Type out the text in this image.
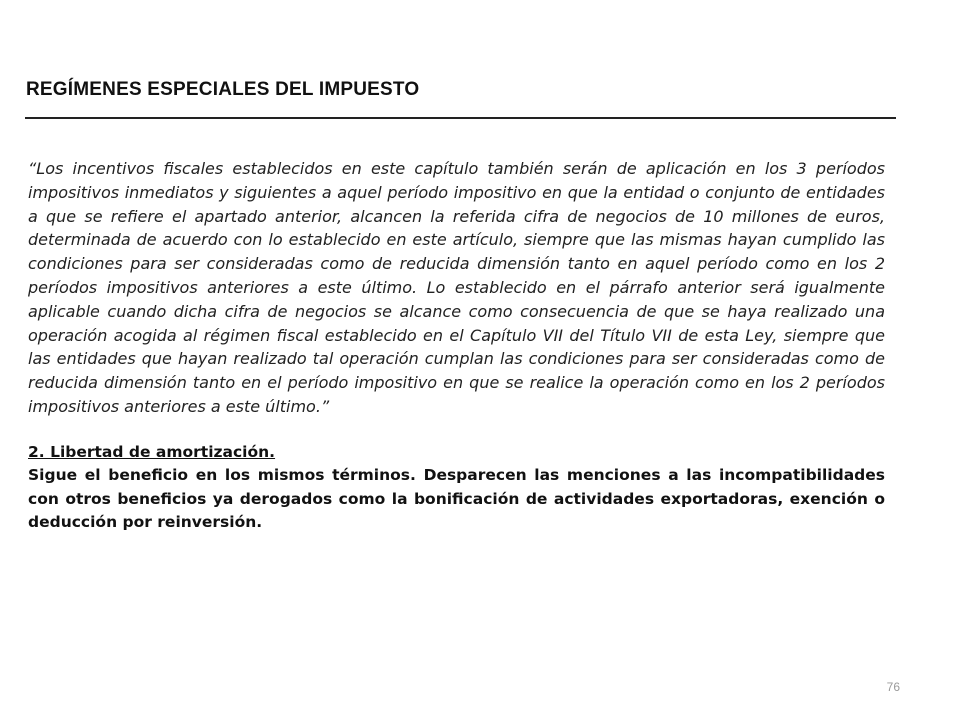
REGÍMENES ESPECIALES DEL IMPUESTO

“Los incentivos fiscales establecidos en este capítulo también serán de aplicación en los 3 períodos impositivos inmediatos y siguientes a aquel período impositivo en que la entidad o conjunto de entidades a que se refiere el apartado anterior, alcancen la referida cifra de negocios de 10 millones de euros, determinada de acuerdo con lo establecido en este artículo, siempre que las mismas hayan cumplido las condiciones para ser consideradas como de reducida dimensión tanto en aquel período como en los 2 períodos impositivos anteriores a este último. Lo establecido en el párrafo anterior será igualmente aplicable cuando dicha cifra de negocios se alcance como consecuencia de que se haya realizado una operación acogida al régimen fiscal establecido en el Capítulo VII del Título VII de esta Ley, siempre que las entidades que hayan realizado tal operación cumplan las condiciones para ser consideradas como de reducida dimensión tanto en el período impositivo en que se realice la operación como en los 2 períodos impositivos anteriores a este último.”

2. Libertad de amortización.

Sigue el beneficio en los mismos términos. Desparecen las menciones a las incompatibilidades con otros beneficios ya derogados como la bonificación de actividades exportadoras, exención o deducción por reinversión.

76
